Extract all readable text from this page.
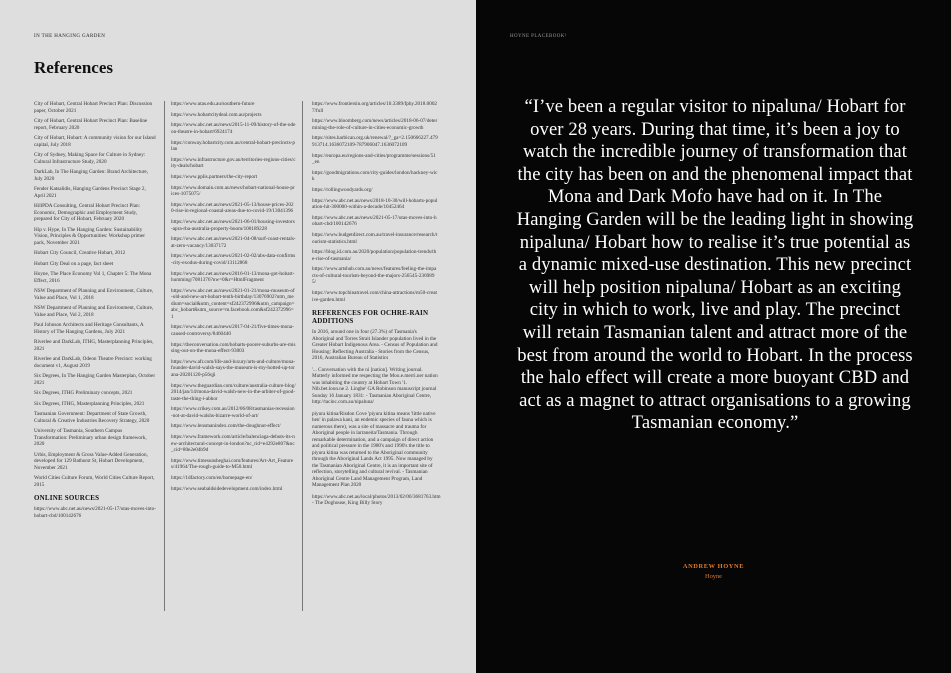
IN THE HANGING GARDEN
References
City of Hobart, Central Hobart Precinct Plan: Discussion paper, October 2021
City of Hobart, Central Hobart Precinct Plan: Baseline report, February 2020
City of Hobart, Hobart: A community vision for our Island capital, July 2018
City of Sydney, Making Space for Culture in Sydney: Cultural Infrastructure Study, 2020
DarkLab, In The Hanging Garden: Brand Architecture, July 2020
Fender Katsalidis, Hanging Gardens Precinct Stage 2, April 2021
HillPDA Consulting, Central Hobart Precinct Plan: Economic, Demographic and Employment Study, prepared for City of Hobart, February 2020
Hip v. Hype, In The Hanging Garden: Sustainability Vision, Principles & Opportunities: Workshop primer pack, November 2021
Hobart City Council, Creative Hobart, 2012
Hobart City Deal on a page, fact sheet
Hoyne, The Place Economy Vol 1, Chapter 5: The Mona Effect, 2016
NSW Department of Planning and Environment, Culture, Value and Place, Vol 1, 2018
NSW Department of Planning and Environment, Culture, Value and Place, Vol 2, 2018
Paul Johnson Architects and Heritage Consultants, A History of The Hanging Gardens, July 2021
Riverlee and DarkLab, ITHG, Masterplanning Principles, 2021
Riverlee and DarkLab, Odeon Theatre Precinct: working document v1, August 2019
Six Degrees, In The Hanging Garden Masterplan, October 2021
Six Degrees, ITHG Preliminary concepts, 2021
Six Degrees, ITHG, Masterplanning Principles, 2021
Tasmanian Government: Department of State Growth, Cultural & Creative Industries Recovery Strategy, 2020
University of Tasmania, Southern Campus Transformation: Preliminary urban design framework, 2020
Urbis, Employment & Gross Value-Added Generation, developed for 129 Bathurst St, Hobart Development, November 2021
World Cities Culture Forum, World Cities Culture Report, 2015
ONLINE SOURCES
https://www.abc.net.au/news/2021-05-17/utas-moves-into-hobart-cbd/100142676
https://www.utas.edu.au/southern-future
https://www.hobartcitydeal.com.au/projects
https://www.abc.net.au/news/2015-11-09/history-of-the-odeon-theatre-in-hobart/6924174
https://conway.hobartcity.com.au/central-hobart-precincts-plan
https://www.infrastructure.gov.au/territories-regions-cities/city-deals/hobart
https://www.pplis.partners/the-city-report
https://www.domain.com.au/news/hobart-national-house-prices-1075075/
https://www.abc.net.au/news/2021-05-13/house-prices-2020-rise-in-regional-coastal-areas-due-to-covid-19/13041396
https://www.abc.net.au/news/2021-06-01/housing-investors-apra-rba-australia-property-boom/100189228
https://www.abc.net.au/news/2021-04-08/surf-coast-rentals-at-zero-vacancy/13037172
https://www.abc.net.au/news/2021-02-02/abs-data-confirms-city-exodus-during-covid/13112868
https://www.abc.net.au/news/2016-01-13/mona-got-hobart-humming/7081376?nw=0&r=HtmlFragment
https://www.abc.net.au/news/2021-01-21/mona-museum-of-old-and-new-art-hobart-tenth-birthday/13076902?utm_medium=social&utm_content=sf242372996&utm_campaign=abc_hobart&utm_source=m.facebook.com&sf242372996=1
https://www.abc.net.au/news/2017-04-21/five-times-mona-caused-controversy/8460440
https://theconversation.com/hobarts-poorer-suburbs-are-missing-out-on-the-mona-effect-93003
https://www.afr.com/life-and-luxury/arts-and-culture/mona-founder-david-walsh-says-the-museum-is-my-hotted-up-torana-20201120-p56qji
https://www.theguardian.com/culture/australia-culture-blog/2014/jan/14/mona-david-walsh-new-in-the-arbiter-of-good-taste-the-thing-i-abhor
https://www.crikey.com.au/2012/06/08/tasmanias-recession-not-at-david-walshs-bizarre-world-of-art/
https://www.lensmanindex.com/the-doughnut-effect/
https://www.framework.com/article/balenciaga-debuts-its-new-architectural-concept-in-london?nc_rid=e4292e807&nc_cid=80e2e04b9d
https://www.timesunsheghai.com/features/Art-Art_Features/41964/The-rough-guide-to-M50.html
https://1dfactory.com/en/homepage-en/
https://www.seabaldsidedevelopment.com/index.html
https://www.frontiersin.org/articles/10.3389/fphy.2018.00027/full
https://www.bloomberg.com/news/articles/2018-06-07/determining-the-role-of-culture-in-cities-economic-growth
https://sites.harbican.org.uk/renewal/?_ga=2.150666227.479913714.1636072109-787906047.1636072109
https://europa.eu/regions-and-cities/programme/sessions/51_en
https://goodmigrations.com/city-guides/london/hackney-wick
https://rollingwoodyards.org/
https://www.abc.net.au/news/2018-10-30/will-hobarts-population-hit-300000-within-a-decade/10452464
https://www.abc.net.au/news/2021-05-17/utas-moves-into-hobart-cbd/100142676
https://www.budgetdirect.com.au/travel-insurance/research/tourism-statistics.html
https://blog.id.com.au/2020/population/population-trends/the-rise-of-tasmania/
https://www.artshub.com.au/news/features/feeling-the-impacts-of-cultural-tourism-beyond-the-majors-256545-2369895/
https://www.topchinatravel.com/china-attractions/m50-creative-garden.html
REFERENCES FOR OCHRE-RAIN ADDITIONS
In 2016, around one in four (27.3%) of Tasmania's Aboriginal and Torres Strait Islander population lived in the Greater Hobart Indigenous Area. - Census of Population and Housing: Reflecting Australia - Stories from the Census, 2016, Australian Bureau of Statistics
'... Conversation with the ni [nation]. Writing journal. Mutterly informed me respecting the Mou.e.merri.ner nation was inhabiting the country at Hobart Town '1. Nib.bet.loon.ne 2. Lingbe' GA Robinson manuscript journal Sunday 16 January 1831: - Tasmanian Aboriginal Centre, http://tacinc.com.au/nipaluna/
piyura kitina/Risdon Cove 'piyura kitina means 'little native hen' in palawa kani, an endemic species of fauna which is numerous there), was a site of massacre and trauma for Aboriginal people in larraneita/Tasmania. Through remarkable determination, and a campaign of direct action and political pressure in the 1980's and 1990's the title to piyura kitina was returned to the Aboriginal community through the Aboriginal Lands Act 1995. Now managed by the Tasmanian Aboriginal Centre, it is an important site of reflection, storytelling and cultural revival. - Tasmanian Aboriginal Centre Land Management Program, Land Management Plan 2020
https://www.abc.net.au/local/photos/2013/02/06/3681763.htm - The Doghouse, King Billy Story
HOYNE PLACEBOOK²
“I’ve been a regular visitor to nipaluna/ Hobart for over 28 years. During that time, it’s been a joy to watch the incredible journey of transformation that the city has been on and the phenomenal impact that Mona and Dark Mofo have had on it. In The Hanging Garden will be the leading light in showing nipaluna/ Hobart how to realise it’s true potential as a dynamic mixed-use destination. This new precinct will help position nipaluna/ Hobart as an exciting city in which to work, live and play. The precinct will retain Tasmanian talent and attract more of the best from around the world to Hobart. In the process the halo effect will create a more buoyant CBD and act as a magnet to attract organisations to a growing Tasmanian economy.”
ANDREW HOYNE
Hoyne
